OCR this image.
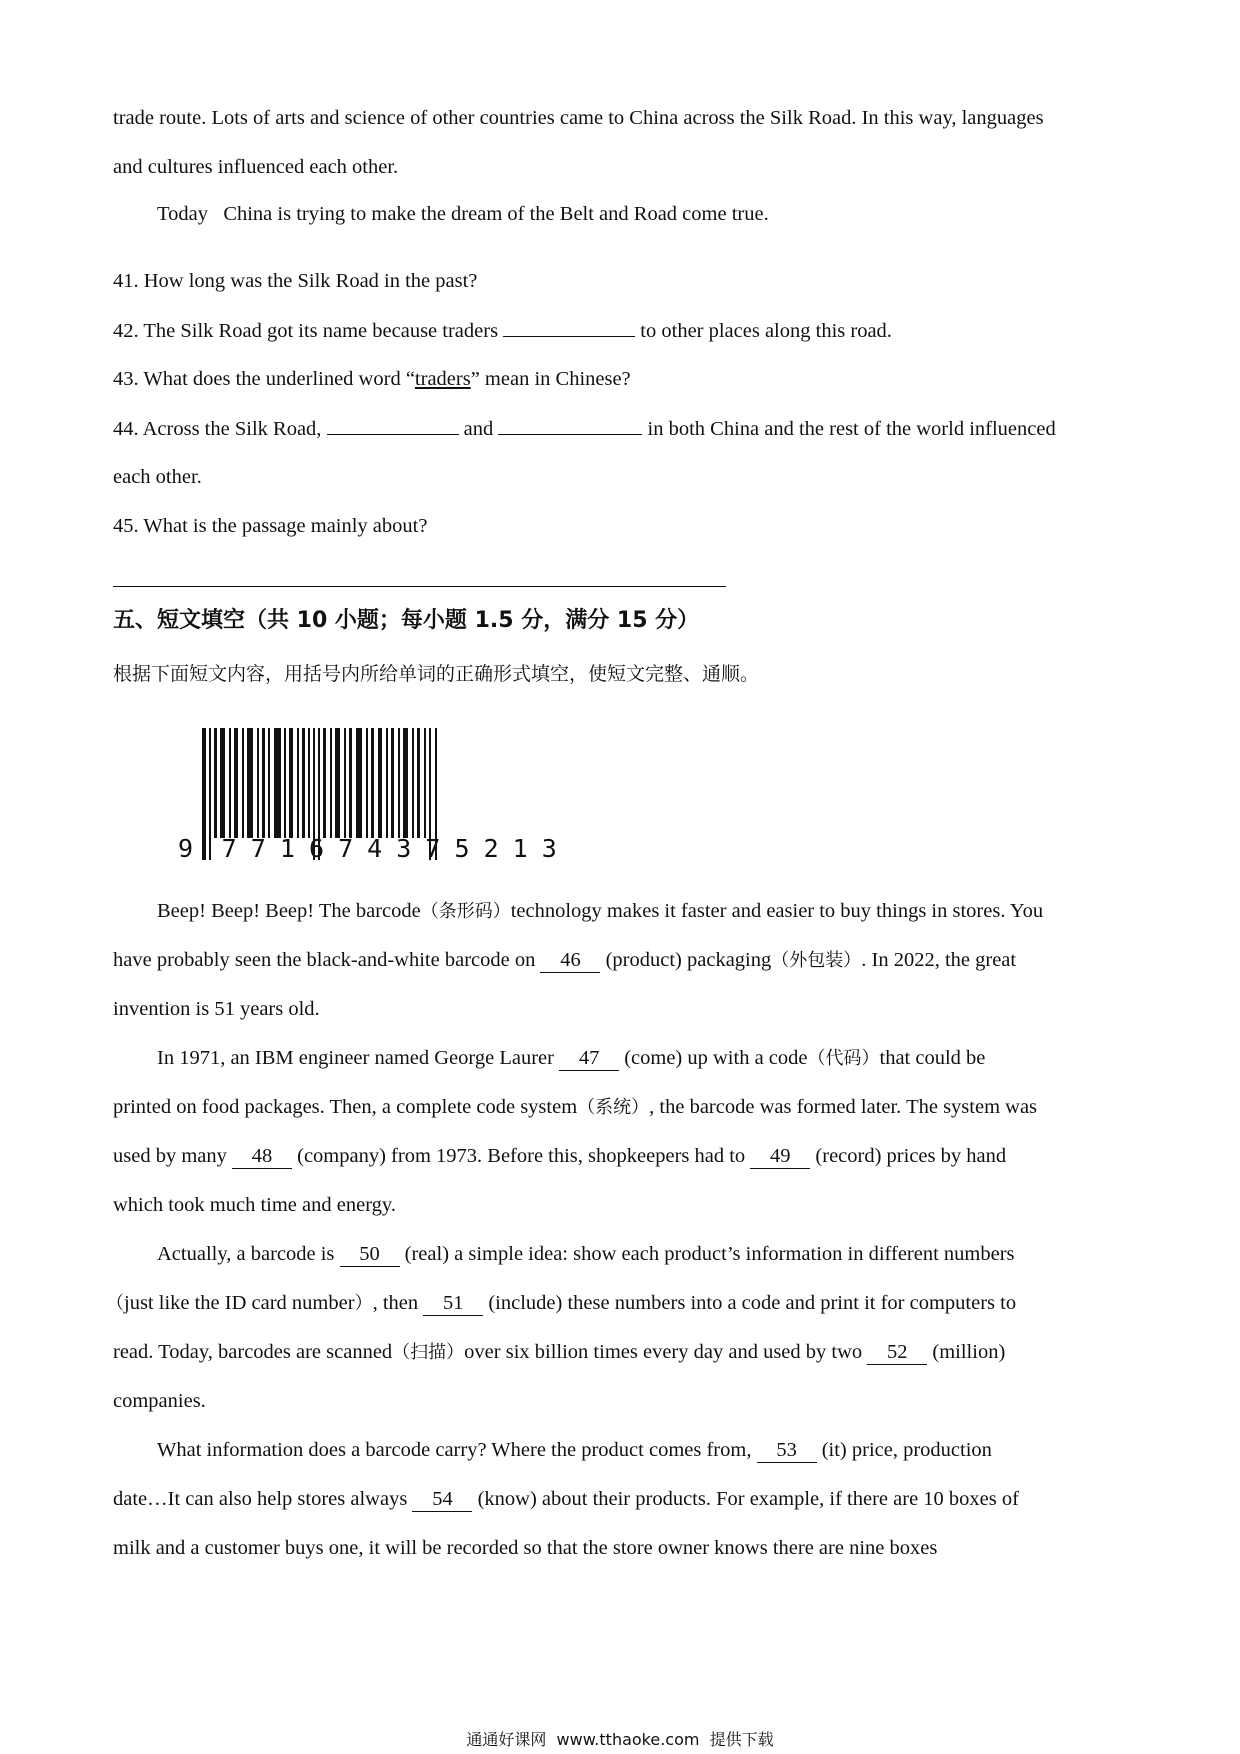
trade route. Lots of arts and science of other countries came to China across the Silk Road. In this way, languages
and cultures influenced each other.
Today   China is trying to make the dream of the Belt and Road come true.
41. How long was the Silk Road in the past?
42. The Silk Road got its name because traders	to other places along this road.
43. What does the underlined word “traders” mean in Chinese?
44. Across the Silk Road,	and	in both China and the rest of the world influenced
each other.
45. What is the passage mainly about?
五、短文填空（共 10 小题；每小题 1.5 分，满分 15 分）
根据下面短文内容，用括号内所给单词的正确形式填空，使短文完整、通顺。
9  7 7 1 6 7 4 3 7 5 2 1 3
Beep! Beep! Beep! The barcode（条形码）technology makes it faster and easier to buy things in stores. You
have probably seen the black-and-white barcode on 46 (product) packaging（外包装）. In 2022, the great
invention is 51 years old.
In 1971, an IBM engineer named George Laurer 47 (come) up with a code（代码）that could be
printed on food packages. Then, a complete code system（系统）, the barcode was formed later. The system was
used by many 48 (company) from 1973. Before this, shopkeepers had to 49 (record) prices by hand
which took much time and energy.
Actually, a barcode is 50 (real) a simple idea: show each product’s information in different numbers
（just like the ID card number）, then 51 (include) these numbers into a code and print it for computers to
read. Today, barcodes are scanned（扫描）over six billion times every day and used by two 52 (million)
companies.
What information does a barcode carry? Where the product comes from, 53 (it) price, production
date…It can also help stores always 54 (know) about their products. For example, if there are 10 boxes of
milk and a customer buys one, it will be recorded so that the store owner knows there are nine boxes
通通好课网  www.tthaoke.com  提供下载
